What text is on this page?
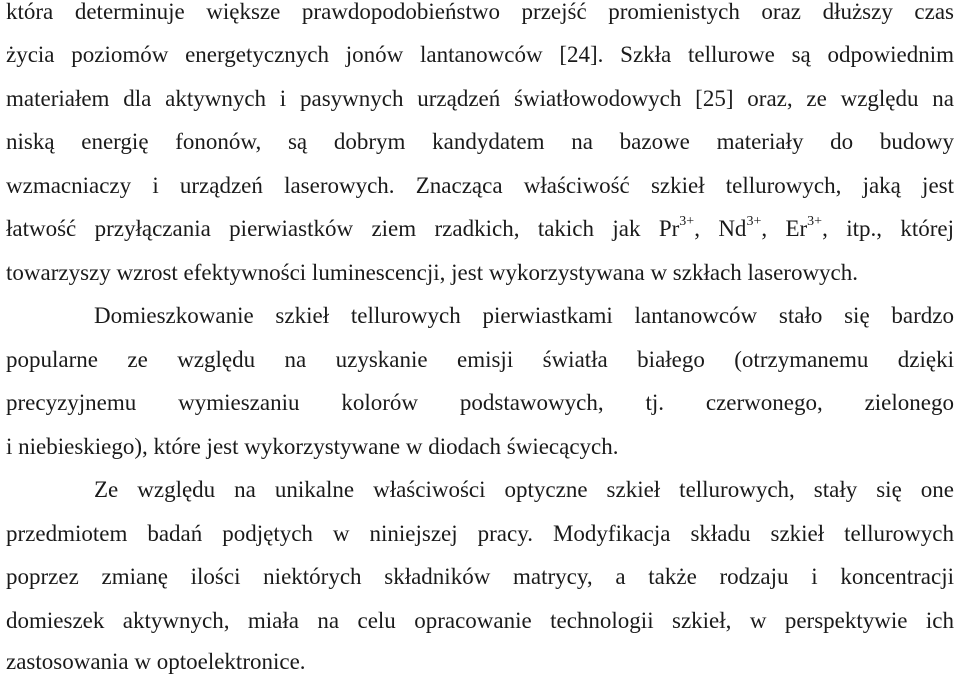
która determinuje większe prawdopodobieństwo przejść promienistych oraz dłuższy czas
życia poziomów energetycznych jonów lantanowców [24]. Szkła tellurowe są odpowiednim
materiałem dla aktywnych i pasywnych urządzeń światłowodowych [25] oraz, ze względu na
niską energię fononów, są dobrym kandydatem na bazowe materiały do budowy
wzmacniaczy i urządzeń laserowych. Znacząca właściwość szkieł tellurowych, jaką jest
łatwość przyłączania pierwiastków ziem rzadkich, takich jak $Pr^{3+}$, $Nd^{3+}$, $Er^{3+}$, itp., której
towarzyszy wzrost efektywności luminescencji, jest wykorzystywana w szkłach laserowych.
Domieszkowanie szkieł tellurowych pierwiastkami lantanowców stało się bardzo
popularne ze względu na uzyskanie emisji światła białego (otrzymanemu dzięki
precyzyjnemu wymieszaniu kolorów podstawowych, tj. czerwonego, zielonego
i niebieskiego), które jest wykorzystywane w diodach świecących.
Ze względu na unikalne właściwości optyczne szkieł tellurowych, stały się one
przedmiotem badań podjętych w niniejszej pracy. Modyfikacja składu szkieł tellurowych
poprzez zmianę ilości niektórych składników matrycy, a także rodzaju i koncentracji
domieszek aktywnych, miała na celu opracowanie technologii szkieł, w perspektywie ich
zastosowania w optoelektronice.
